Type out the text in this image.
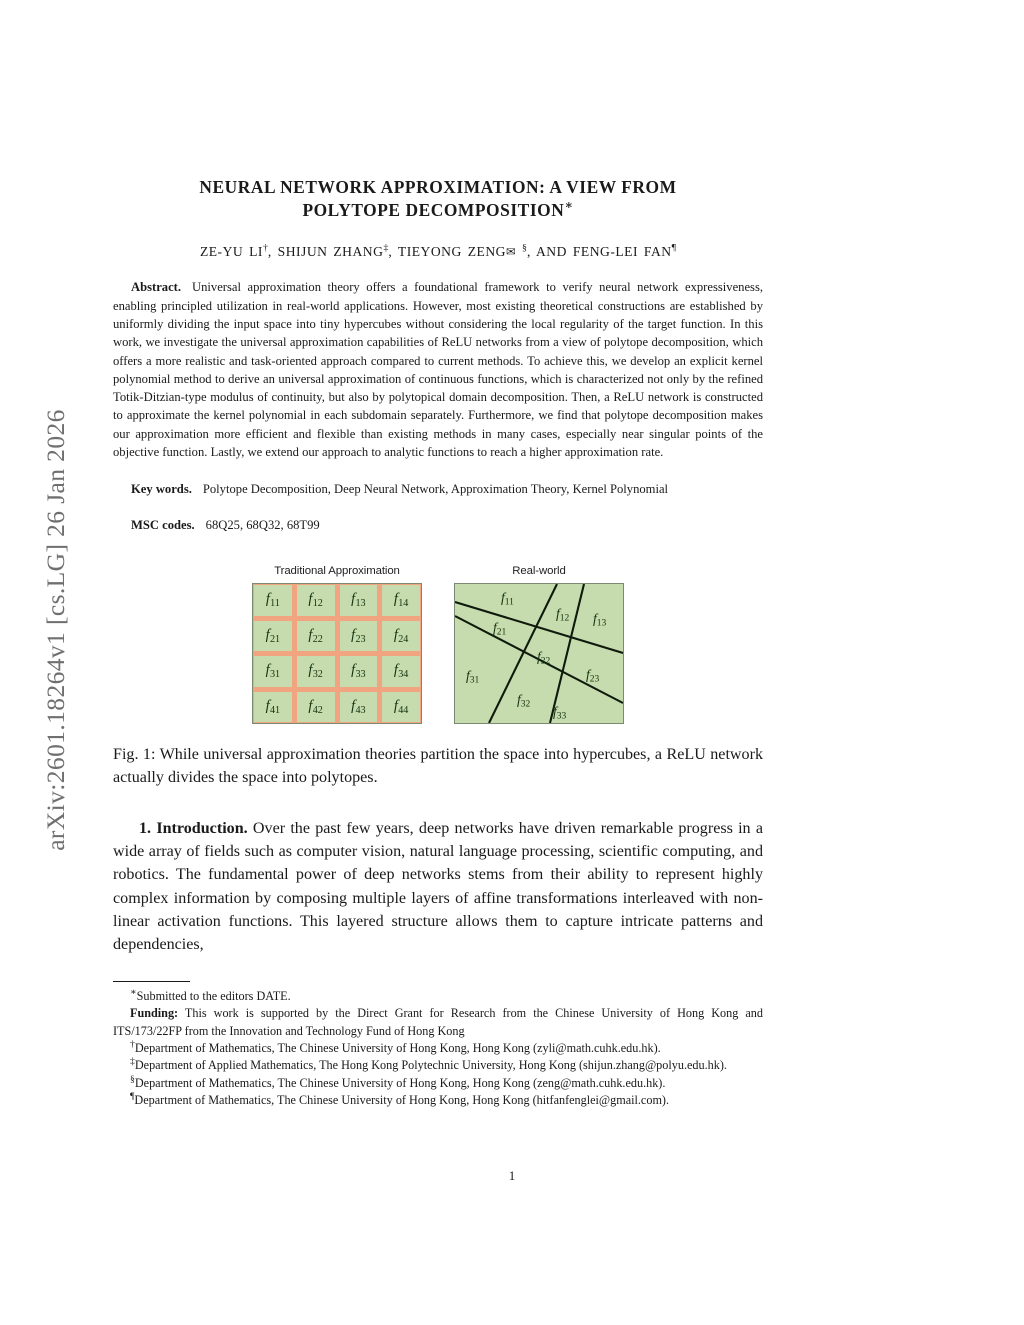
arXiv:2601.18264v1 [cs.LG] 26 Jan 2026
NEURAL NETWORK APPROXIMATION: A VIEW FROM
POLYTOPE DECOMPOSITION∗
ZE-YU LI†, SHIJUN ZHANG‡, TIEYONG ZENG✉ §, AND FENG-LEI FAN¶
Abstract. Universal approximation theory offers a foundational framework to verify neural network expressiveness, enabling principled utilization in real-world applications. However, most existing theoretical constructions are established by uniformly dividing the input space into tiny hypercubes without considering the local regularity of the target function. In this work, we investigate the universal approximation capabilities of ReLU networks from a view of polytope decomposition, which offers a more realistic and task-oriented approach compared to current methods. To achieve this, we develop an explicit kernel polynomial method to derive an universal approximation of continuous functions, which is characterized not only by the refined Totik-Ditzian-type modulus of continuity, but also by polytopical domain decomposition. Then, a ReLU network is constructed to approximate the kernel polynomial in each subdomain separately. Furthermore, we find that polytope decomposition makes our approximation more efficient and flexible than existing methods in many cases, especially near singular points of the objective function. Lastly, we extend our approach to analytic functions to reach a higher approximation rate.
Key words. Polytope Decomposition, Deep Neural Network, Approximation Theory, Kernel Polynomial
MSC codes. 68Q25, 68Q32, 68T99
Traditional Approximation
$f_{11}$ $f_{12}$ $f_{13}$ $f_{14}$
$f_{21}$ $f_{22}$ $f_{23}$ $f_{24}$
$f_{31}$ $f_{32}$ $f_{33}$ $f_{34}$
$f_{41}$ $f_{42}$ $f_{43}$ $f_{44}$
Real-world
$f_{11}$
$f_{12}$ $f_{13}$
$f_{21}$
$f_{22}$
$f_{23}$
$f_{31}$
$f_{32}$ $f_{33}$
Fig. 1: While universal approximation theories partition the space into hypercubes, a ReLU network actually divides the space into polytopes.
1. Introduction. Over the past few years, deep networks have driven remarkable progress in a wide array of fields such as computer vision, natural language processing, scientific computing, and robotics. The fundamental power of deep networks stems from their ability to represent highly complex information by composing multiple layers of affine transformations interleaved with non-linear activation functions. This layered structure allows them to capture intricate patterns and dependencies,

∗Submitted to the editors DATE.

Funding: This work is supported by the Direct Grant for Research from the Chinese University of Hong Kong and ITS/173/22FP from the Innovation and Technology Fund of Hong Kong

†Department of Mathematics, The Chinese University of Hong Kong, Hong Kong (zyli@math.cuhk.edu.hk).

‡Department of Applied Mathematics, The Hong Kong Polytechnic University, Hong Kong (shijun.zhang@polyu.edu.hk).

§Department of Mathematics, The Chinese University of Hong Kong, Hong Kong (zeng@math.cuhk.edu.hk).

¶Department of Mathematics, The Chinese University of Hong Kong, Hong Kong (hitfanfenglei@gmail.com).

1
